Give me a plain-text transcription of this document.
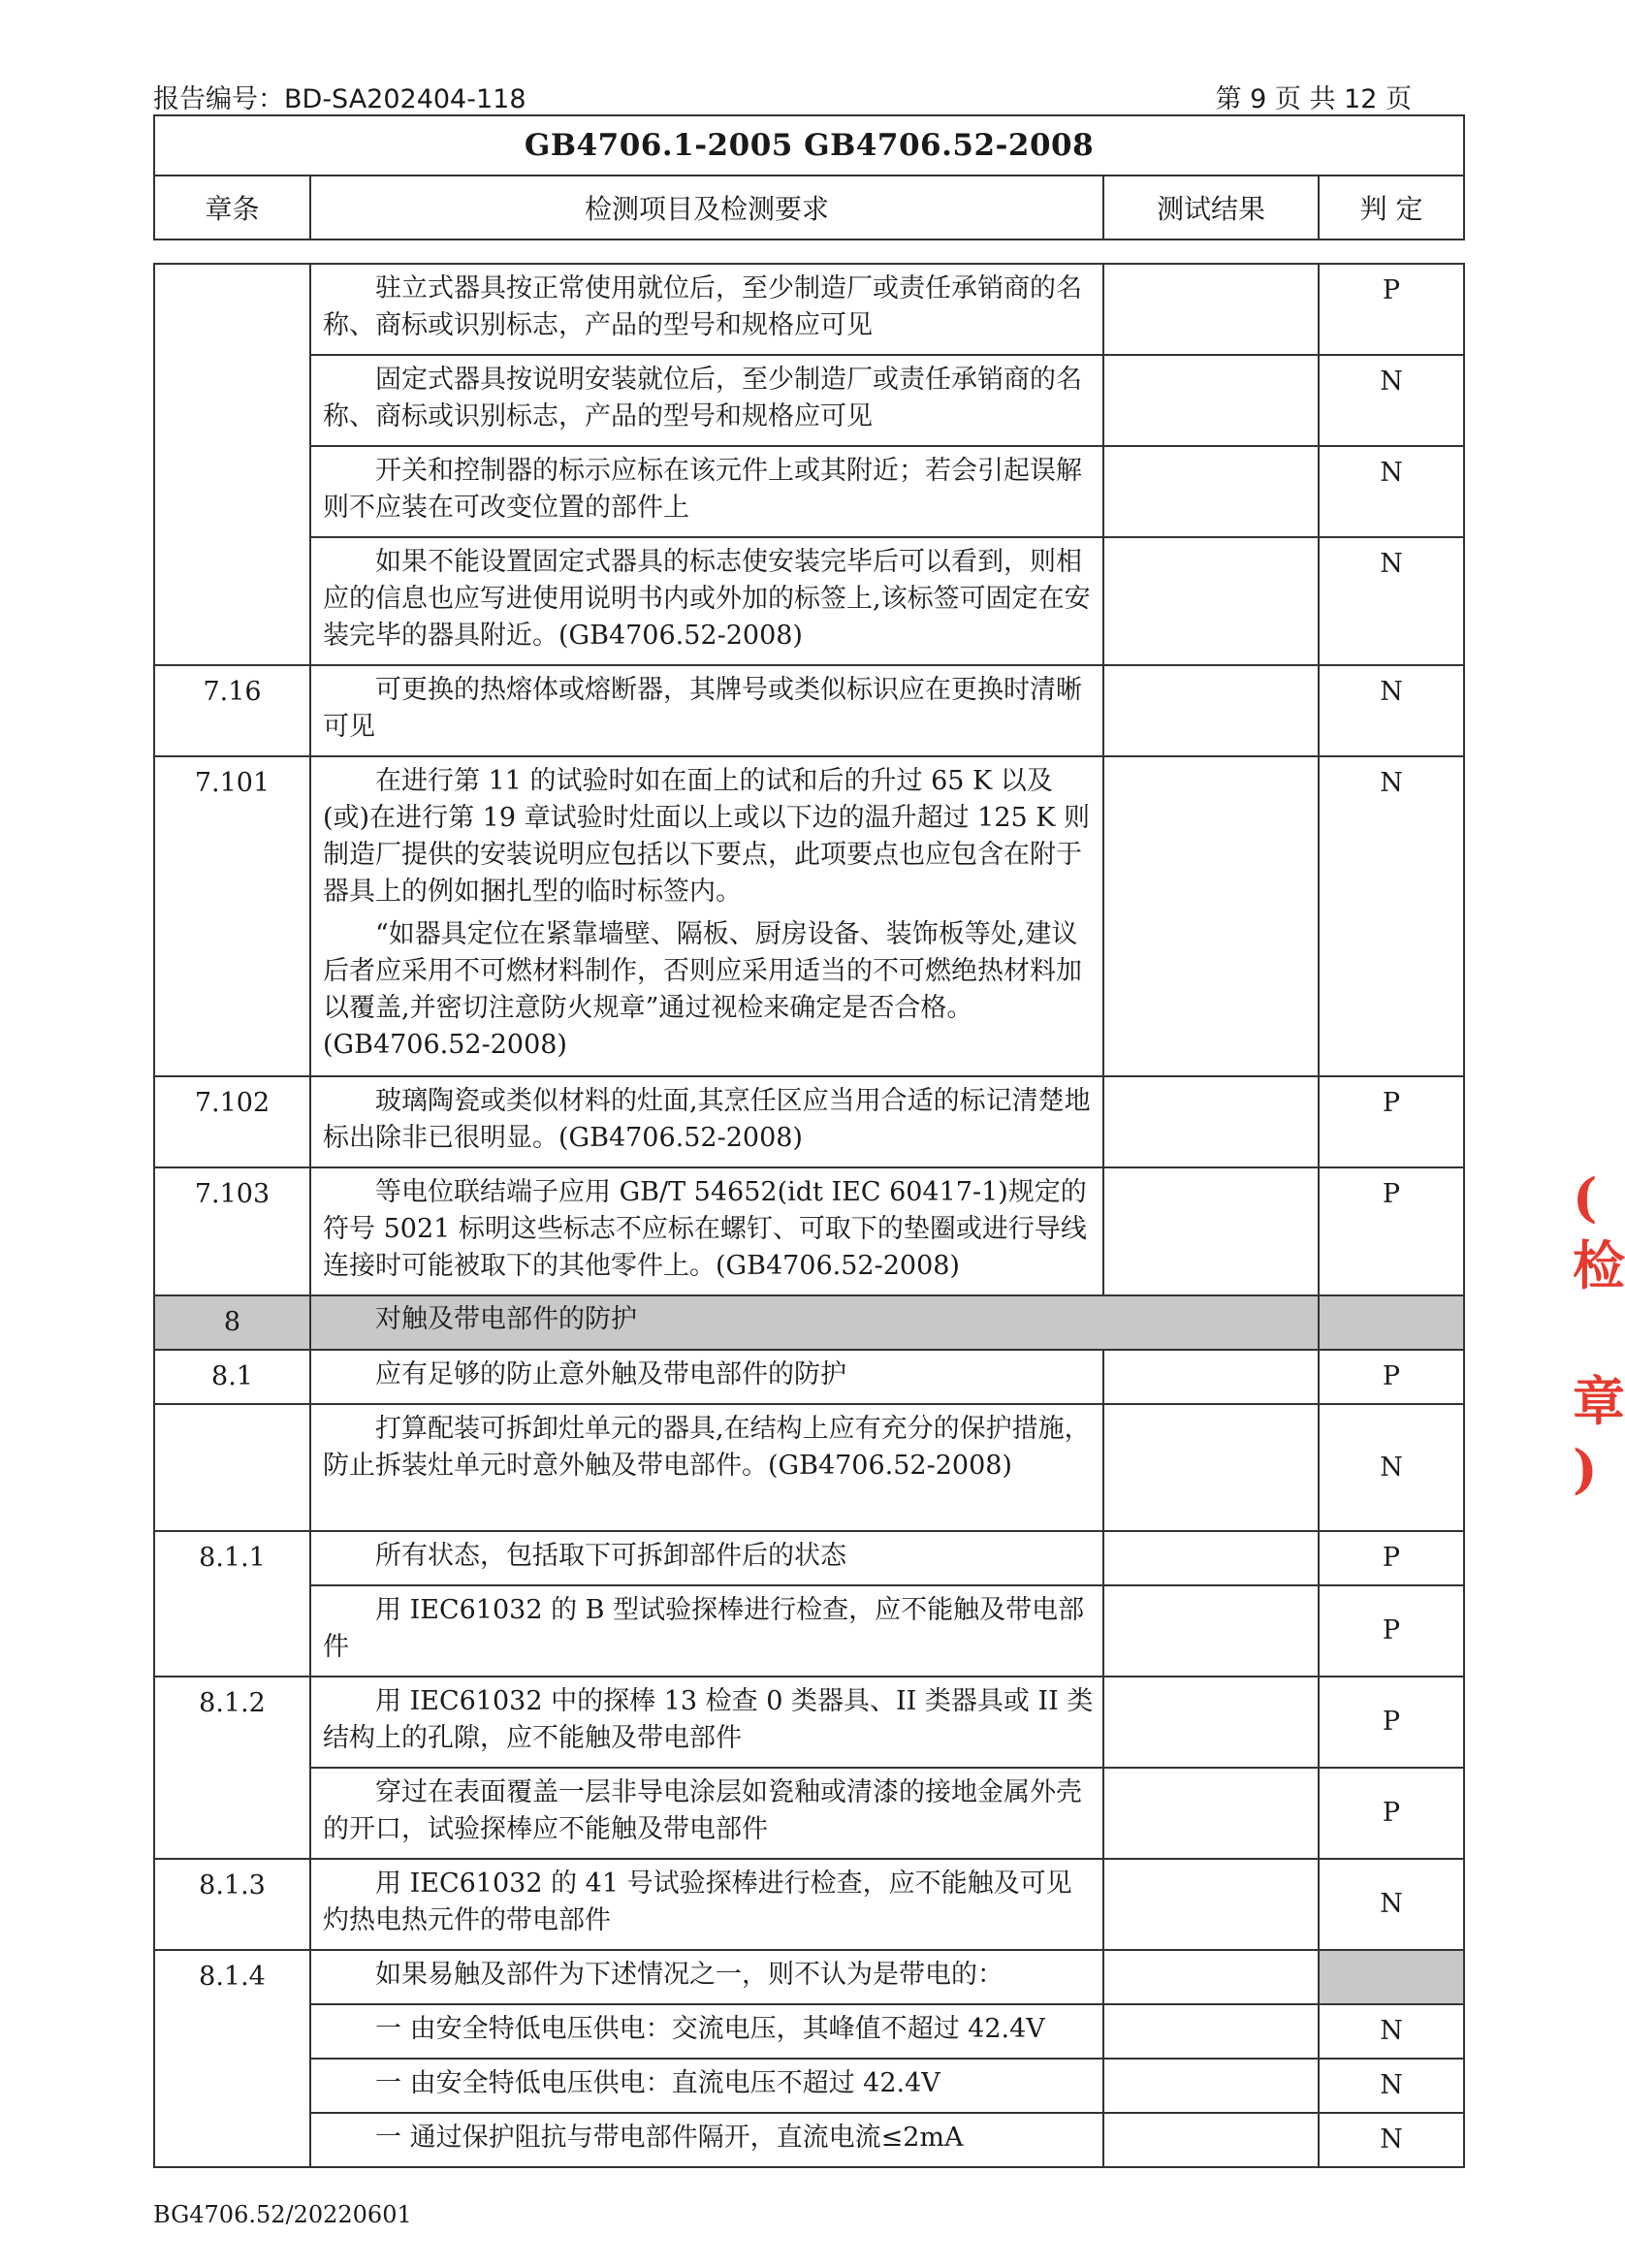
报告编号：BD-SA202404-118	第 9 页 共 12 页
GB4706.1-2005 GB4706.52-2008
章条	检测项目及检测要求	测试结果	判 定

	驻立式器具按正常使用就位后，至少制造厂或责任承销商的名称、商标或识别标志，产品的型号和规格应可见		P

	固定式器具按说明安装就位后，至少制造厂或责任承销商的名称、商标或识别标志，产品的型号和规格应可见		N

	开关和控制器的标示应标在该元件上或其附近；若会引起误解则不应装在可改变位置的部件上		N

	如果不能设置固定式器具的标志使安装完毕后可以看到，则相应的信息也应写进使用说明书内或外加的标签上,该标签可固定在安装完毕的器具附近。(GB4706.52-2008)		N
7.16	可更换的热熔体或熔断器，其牌号或类似标识应在更换时清晰可见		N
7.101	在进行第 11 的试验时如在面上的试和后的升过 65 K 以及(或)在进行第 19 章试验时灶面以上或以下边的温升超过 125 K 则制造厂提供的安装说明应包括以下要点，此项要点也应包含在附于器具上的例如捆扎型的临时标签内。

“如器具定位在紧靠墙壁、隔板、厨房设备、装饰板等处,建议后者应采用不可燃材料制作，否则应采用适当的不可燃绝热材料加以覆盖,并密切注意防火规章”通过视检来确定是否合格。(GB4706.52-2008)		N
7.102	玻璃陶瓷或类似材料的灶面,其烹任区应当用合适的标记清楚地标出除非已很明显。(GB4706.52-2008)		P
7.103	等电位联结端子应用 GB/T 54652(idt IEC 60417-1)规定的符号 5021 标明这些标志不应标在螺钉、可取下的垫圈或进行导线连接时可能被取下的其他零件上。(GB4706.52-2008)		P
8	对触及带电部件的防护		

8.1	应有足够的防止意外触及带电部件的防护		P

	打算配装可拆卸灶单元的器具,在结构上应有充分的保护措施，防止拆装灶单元时意外触及带电部件。(GB4706.52-2008)		N
8.1.1	所有状态，包括取下可拆卸部件后的状态		P

	用 IEC61032 的 B 型试验探棒进行检查，应不能触及带电部件		P
8.1.2	用 IEC61032 中的探棒 13 检查 0 类器具、II 类器具或 II 类结构上的孔隙，应不能触及带电部件		P

	穿过在表面覆盖一层非导电涂层如瓷釉或清漆的接地金属外壳的开口，试验探棒应不能触及带电部件		P
8.1.3	用 IEC61032 的 41 号试验探棒进行检查，应不能触及可见灼热电热元件的带电部件		N
8.1.4	如果易触及部件为下述情况之一，则不认为是带电的：		

	一 由安全特低电压供电：交流电压，其峰值不超过 42.4V		N

	一 由安全特低电压供电：直流电压不超过 42.4V		N

	一 通过保护阻抗与带电部件隔开，直流电流≤2mA		N
BG4706.52/20220601
(
检
章
)
